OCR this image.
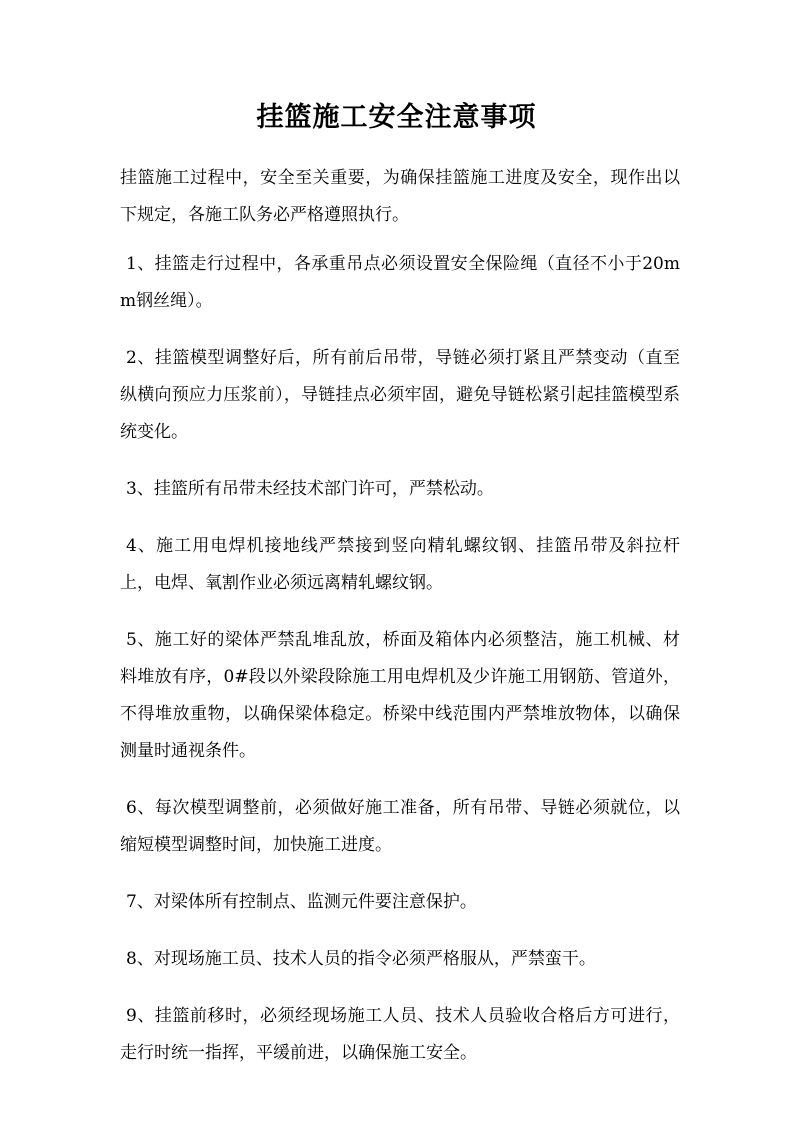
挂篮施工安全注意事项

挂篮施工过程中，安全至关重要，为确保挂篮施工进度及安全，现作出以下规定，各施工队务必严格遵照执行。

1、挂篮走行过程中，各承重吊点必须设置安全保险绳（直径不小于20mm钢丝绳）。

2、挂篮模型调整好后，所有前后吊带，导链必须打紧且严禁变动（直至纵横向预应力压浆前），导链挂点必须牢固，避免导链松紧引起挂篮模型系统变化。

3、挂篮所有吊带未经技术部门许可，严禁松动。

4、施工用电焊机接地线严禁接到竖向精轧螺纹钢、挂篮吊带及斜拉杆上，电焊、氧割作业必须远离精轧螺纹钢。

5、施工好的梁体严禁乱堆乱放，桥面及箱体内必须整洁，施工机械、材料堆放有序，0#段以外梁段除施工用电焊机及少许施工用钢筋、管道外，不得堆放重物，以确保梁体稳定。桥梁中线范围内严禁堆放物体，以确保测量时通视条件。

6、每次模型调整前，必须做好施工准备，所有吊带、导链必须就位，以缩短模型调整时间，加快施工进度。

7、对梁体所有控制点、监测元件要注意保护。

8、对现场施工员、技术人员的指令必须严格服从，严禁蛮干。

9、挂篮前移时，必须经现场施工人员、技术人员验收合格后方可进行，走行时统一指挥，平缓前进，以确保施工安全。
